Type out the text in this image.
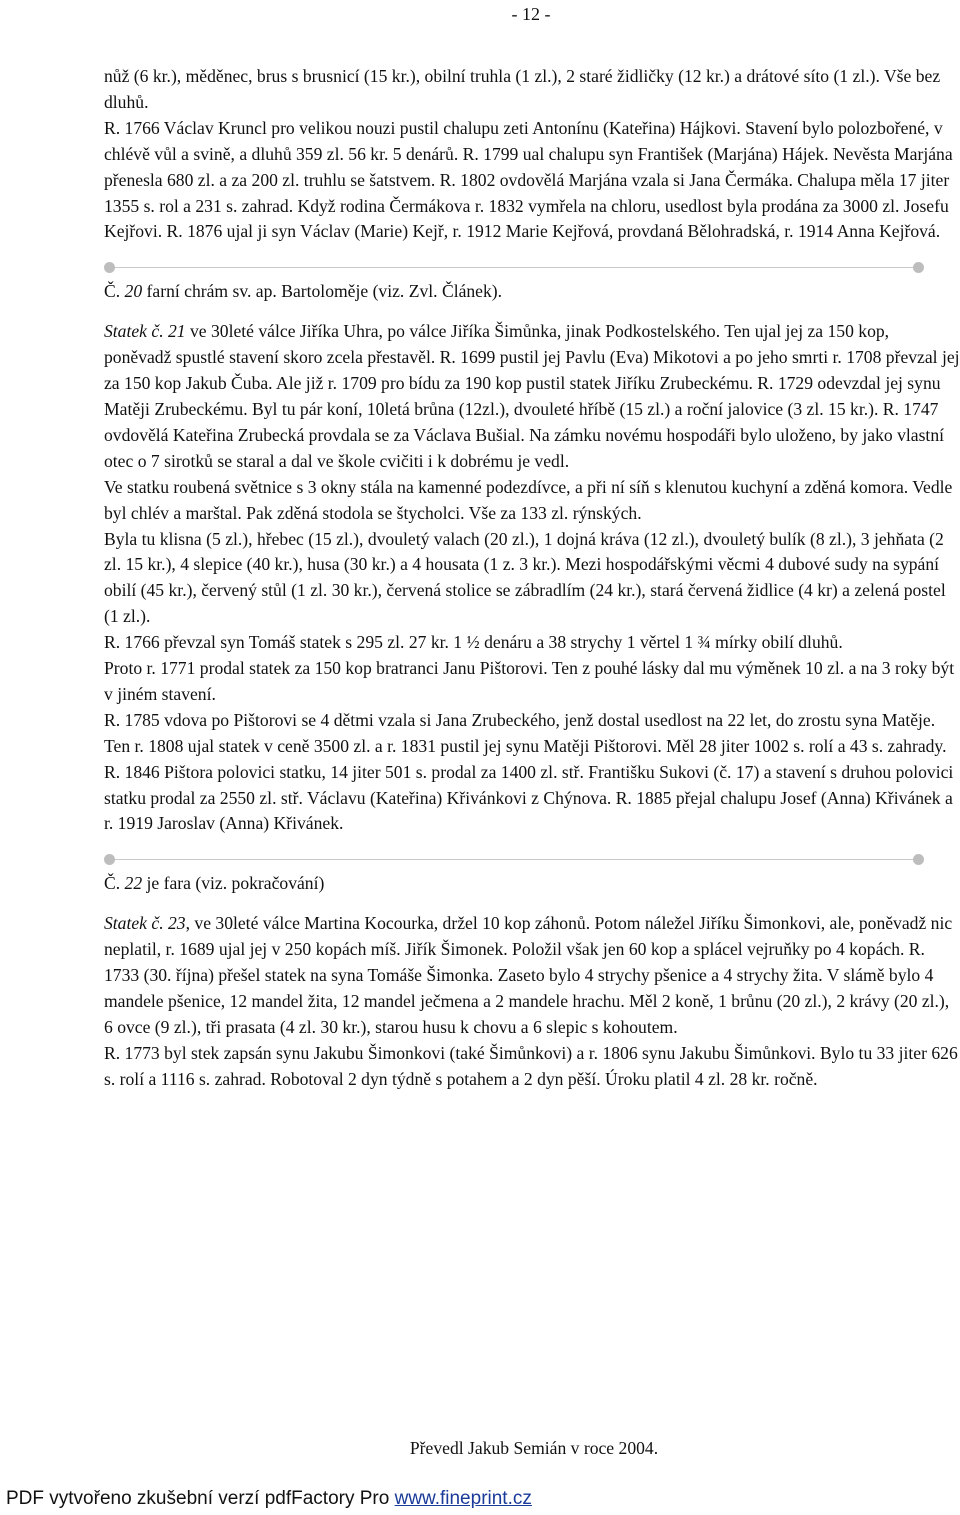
- 12 -

nůž (6 kr.), měděnec, brus s brusnicí (15 kr.), obilní truhla (1 zl.), 2 staré židličky (12 kr.) a drátové síto (1 zl.). Vše bez dluhů.

R. 1766 Václav Kruncl pro velikou nouzi pustil chalupu zeti Antonínu (Kateřina) Hájkovi. Stavení bylo polozbořené, v chlévě vůl a svině, a dluhů 359 zl. 56 kr. 5 denárů. R. 1799 ual chalupu syn František (Marjána) Hájek. Nevěsta Marjána přenesla 680 zl. a za 200 zl. truhlu se šatstvem. R. 1802 ovdovělá Marjána vzala si Jana Čermáka. Chalupa měla 17 jiter 1355 s. rol a 231 s. zahrad. Když rodina Čermákova r. 1832 vymřela na chloru, usedlost byla prodána za 3000 zl. Josefu Kejřovi. R. 1876 ujal ji syn Václav (Marie) Kejř, r. 1912 Marie Kejřová, provdaná Bělohradská, r. 1914 Anna Kejřová.

Č. 20 farní chrám sv. ap. Bartoloměje (viz. Zvl. Článek).

Statek č. 21 ve 30leté válce Jiříka Uhra, po válce Jiříka Šimůnka, jinak Podkostelského. Ten ujal jej za 150 kop, poněvadž spustlé stavení skoro zcela přestavěl. R. 1699 pustil jej Pavlu (Eva) Mikotovi a po jeho smrti r. 1708 převzal jej za 150 kop Jakub Čuba. Ale již r. 1709 pro bídu za 190 kop pustil statek Jiříku Zrubeckému. R. 1729 odevzdal jej synu Matěji Zrubeckému. Byl tu pár koní, 10letá brůna (12zl.), dvouleté hříbě (15 zl.) a roční jalovice (3 zl. 15 kr.). R. 1747 ovdovělá Kateřina Zrubecká provdala se za Václava Bušial. Na zámku novému hospodáři bylo uloženo, by jako vlastní otec o 7 sirotků se staral a dal ve škole cvičiti i k dobrému je vedl.

Ve statku roubená světnice s 3 okny stála na kamenné podezdívce, a při ní síň s klenutou kuchyní a zděná komora. Vedle byl chlév a marštal. Pak zděná stodola se štycholci. Vše za 133 zl. rýnských.

Byla tu klisna (5 zl.), hřebec (15 zl.), dvouletý valach (20 zl.), 1 dojná kráva (12 zl.), dvouletý bulík (8 zl.), 3 jehňata (2 zl. 15 kr.), 4 slepice (40 kr.), husa (30 kr.) a 4 housata (1 z. 3 kr.). Mezi hospodářskými věcmi 4 dubové sudy na sypání obilí (45 kr.), červený stůl (1 zl. 30 kr.), červená stolice se zábradlím (24 kr.), stará červená židlice (4 kr) a zelená postel (1 zl.).

R. 1766 převzal syn Tomáš statek s 295 zl. 27 kr. 1 ½ denáru a 38 strychy 1 věrtel 1 ¾ mírky obilí dluhů.

Proto r. 1771 prodal statek za 150 kop bratranci Janu Pištorovi. Ten z pouhé lásky dal mu výměnek 10 zl. a na 3 roky být v jiném stavení.

R. 1785 vdova po Pištorovi se 4 dětmi vzala si Jana Zrubeckého, jenž dostal usedlost na 22 let, do zrostu syna Matěje. Ten r. 1808 ujal statek v ceně 3500 zl. a r. 1831 pustil jej synu Matěji Pištorovi. Měl 28 jiter 1002 s. rolí a 43 s. zahrady. R. 1846 Pištora polovici statku, 14 jiter 501 s. prodal za 1400 zl. stř. Františku Sukovi (č. 17) a stavení s druhou polovici statku prodal za 2550 zl. stř. Václavu (Kateřina) Křivánkovi z Chýnova. R. 1885 přejal chalupu Josef (Anna) Křivánek a r. 1919 Jaroslav (Anna) Křivánek.

Č. 22 je fara (viz. pokračování)

Statek č. 23, ve 30leté válce Martina Kocourka, držel 10 kop záhonů. Potom náležel Jiříku Šimonkovi, ale, poněvadž nic neplatil, r. 1689 ujal jej v 250 kopách míš. Jiřík Šimonek. Položil však jen 60 kop a splácel vejruňky po 4 kopách. R. 1733 (30. října) přešel statek na syna Tomáše Šimonka. Zaseto bylo 4 strychy pšenice a 4 strychy žita. V slámě bylo 4 mandele pšenice, 12 mandel žita, 12 mandel ječmena a 2 mandele hrachu. Měl 2 koně, 1 brůnu (20 zl.), 2 krávy (20 zl.), 6 ovce (9 zl.), tři prasata (4 zl. 30 kr.), starou husu k chovu a 6 slepic s kohoutem.

R. 1773 byl stek zapsán synu Jakubu Šimonkovi (také Šimůnkovi) a r. 1806 synu Jakubu Šimůnkovi. Bylo tu 33 jiter 626 s. rolí a 1116 s. zahrad. Robotoval 2 dyn týdně s potahem a 2 dyn pěší. Úroku platil 4 zl. 28 kr. ročně.

Převedl Jakub Semián v roce 2004.
PDF vytvořeno zkušební verzí pdfFactory Pro www.fineprint.cz
